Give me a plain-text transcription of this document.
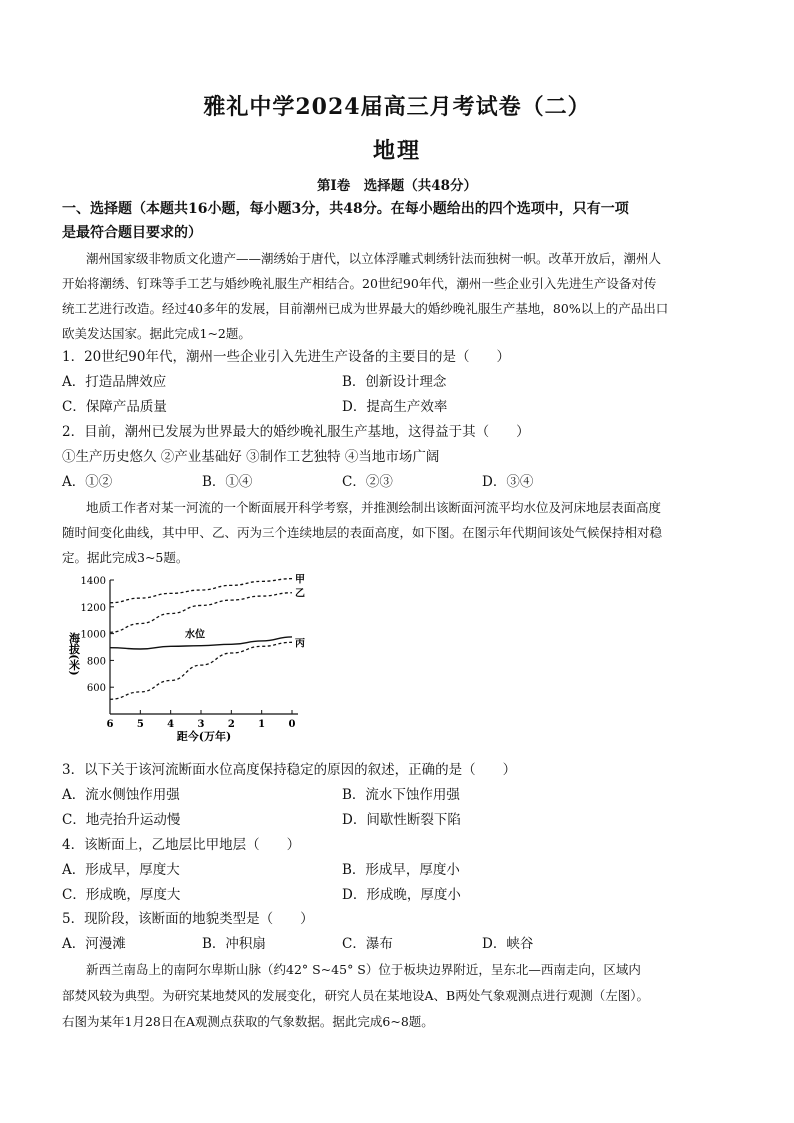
雅礼中学2024届高三月考试卷（二）
地理
第Ⅰ卷　选择题（共48分）
一、选择题（本题共16小题，每小题3分，共48分。在每小题给出的四个选项中，只有一项
是最符合题目要求的）
潮州国家级非物质文化遗产——潮绣始于唐代，以立体浮雕式刺绣针法而独树一帜。改革开放后，潮州人
开始将潮绣、钉珠等手工艺与婚纱晚礼服生产相结合。20世纪90年代，潮州一些企业引入先进生产设备对传
统工艺进行改造。经过40多年的发展，目前潮州已成为世界最大的婚纱晚礼服生产基地，80%以上的产品出口
欧美发达国家。据此完成1~2题。
1．20世纪90年代，潮州一些企业引入先进生产设备的主要目的是（　　）
A．打造品牌效应	B．创新设计理念
C．保障产品质量	D．提高生产效率
2．目前，潮州已发展为世界最大的婚纱晚礼服生产基地，这得益于其（　　）
①生产历史悠久 ②产业基础好 ③制作工艺独特 ④当地市场广阔
A．①②	B．①④	C．②③	D．③④
地质工作者对某一河流的一个断面展开科学考察，并推测绘制出该断面河流平均水位及河床地层表面高度
随时间变化曲线，其中甲、乙、丙为三个连续地层的表面高度，如下图。在图示年代期间该处气候保持相对稳
定。据此完成3~5题。
600
800
1000
1200
1400
6 5 4 3 2 1 0
甲
乙
水位
丙
海拔(米)
距今(万年)
3．以下关于该河流断面水位高度保持稳定的原因的叙述，正确的是（　　）
A．流水侧蚀作用强	B．流水下蚀作用强
C．地壳抬升运动慢	D．间歇性断裂下陷
4．该断面上，乙地层比甲地层（　　）
A．形成早，厚度大	B．形成早，厚度小
C．形成晚，厚度大	D．形成晚，厚度小
5．现阶段，该断面的地貌类型是（　　）
A．河漫滩	B．冲积扇	C．瀑布	D．峡谷
新西兰南岛上的南阿尔卑斯山脉（约42° S~45° S）位于板块边界附近，呈东北—西南走向，区域内
部焚风较为典型。为研究某地焚风的发展变化，研究人员在某地设A、B两处气象观测点进行观测（左图）。
右图为某年1月28日在A观测点获取的气象数据。据此完成6~8题。
